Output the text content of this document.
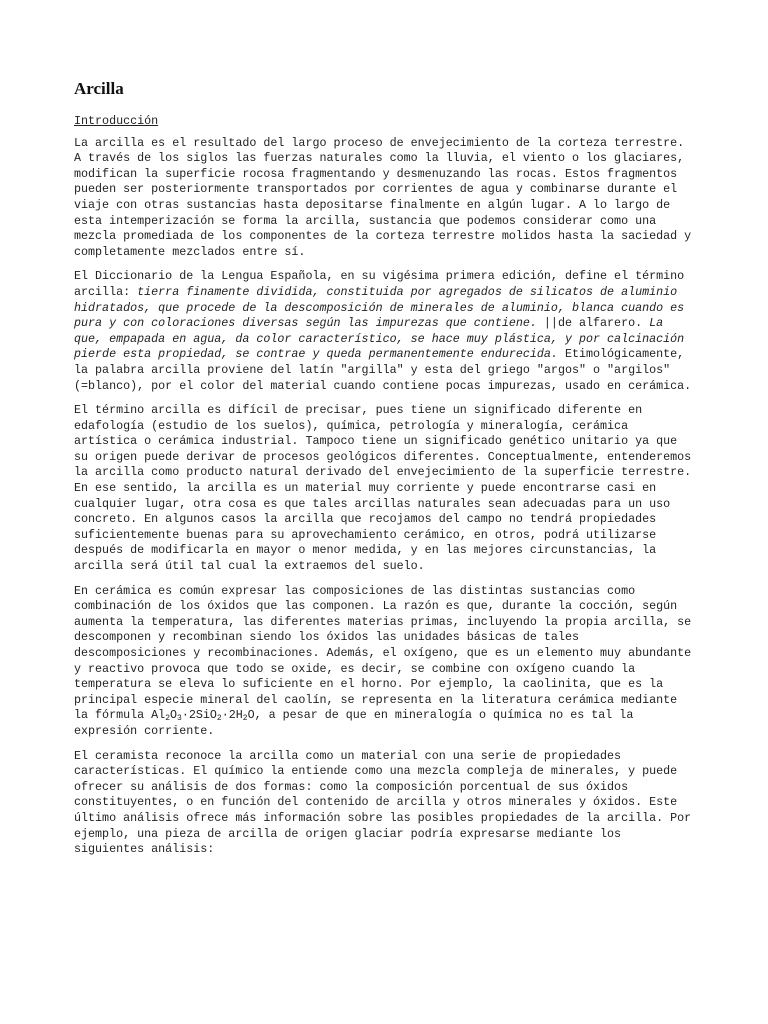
Arcilla
Introducción

La arcilla es el resultado del largo proceso de envejecimiento de la corteza terrestre. A través de los siglos las fuerzas naturales como la lluvia, el viento o los glaciares, modifican la superficie rocosa fragmentando y desmenuzando las rocas. Estos fragmentos pueden ser posteriormente transportados por corrientes de agua y combinarse durante el viaje con otras sustancias hasta depositarse finalmente en algún lugar. A lo largo de esta intemperización se forma la arcilla, sustancia que podemos considerar como una mezcla promediada de los componentes de la corteza terrestre molidos hasta la saciedad y completamente mezclados entre sí.

El Diccionario de la Lengua Española, en su vigésima primera edición, define el término arcilla: tierra finamente dividida, constituida por agregados de silicatos de aluminio hidratados, que procede de la descomposición de minerales de aluminio, blanca cuando es pura y con coloraciones diversas según las impurezas que contiene. ||de alfarero. La que, empapada en agua, da color característico, se hace muy plástica, y por calcinación pierde esta propiedad, se contrae y queda permanentemente endurecida. Etimológicamente, la palabra arcilla proviene del latín "argilla" y esta del griego "argos" o "argilos" (=blanco), por el color del material cuando contiene pocas impurezas, usado en cerámica.

El término arcilla es difícil de precisar, pues tiene un significado diferente en edafología (estudio de los suelos), química, petrología y mineralogía, cerámica artística o cerámica industrial. Tampoco tiene un significado genético unitario ya que su origen puede derivar de procesos geológicos diferentes. Conceptualmente, entenderemos la arcilla como producto natural derivado del envejecimiento de la superficie terrestre. En ese sentido, la arcilla es un material muy corriente y puede encontrarse casi en cualquier lugar, otra cosa es que tales arcillas naturales sean adecuadas para un uso concreto. En algunos casos la arcilla que recojamos del campo no tendrá propiedades suficientemente buenas para su aprovechamiento cerámico, en otros, podrá utilizarse después de modificarla en mayor o menor medida, y en las mejores circunstancias, la arcilla será útil tal cual la extraemos del suelo.

En cerámica es común expresar las composiciones de las distintas sustancias como combinación de los óxidos que las componen. La razón es que, durante la cocción, según aumenta la temperatura, las diferentes materias primas, incluyendo la propia arcilla, se descomponen y recombinan siendo los óxidos las unidades básicas de tales descomposiciones y recombinaciones. Además, el oxígeno, que es un elemento muy abundante y reactivo provoca que todo se oxide, es decir, se combine con oxígeno cuando la temperatura se eleva lo suficiente en el horno. Por ejemplo, la caolinita, que es la principal especie mineral del caolín, se representa en la literatura cerámica mediante la fórmula $Al_2O_3\cdot 2SiO_2\cdot 2H_2O$, a pesar de que en mineralogía o química no es tal la expresión corriente.

El ceramista reconoce la arcilla como un material con una serie de propiedades características. El químico la entiende como una mezcla compleja de minerales, y puede ofrecer su análisis de dos formas: como la composición porcentual de sus óxidos constituyentes, o en función del contenido de arcilla y otros minerales y óxidos. Este último análisis ofrece más información sobre las posibles propiedades de la arcilla. Por ejemplo, una pieza de arcilla de origen glaciar podría expresarse mediante los siguientes análisis:
